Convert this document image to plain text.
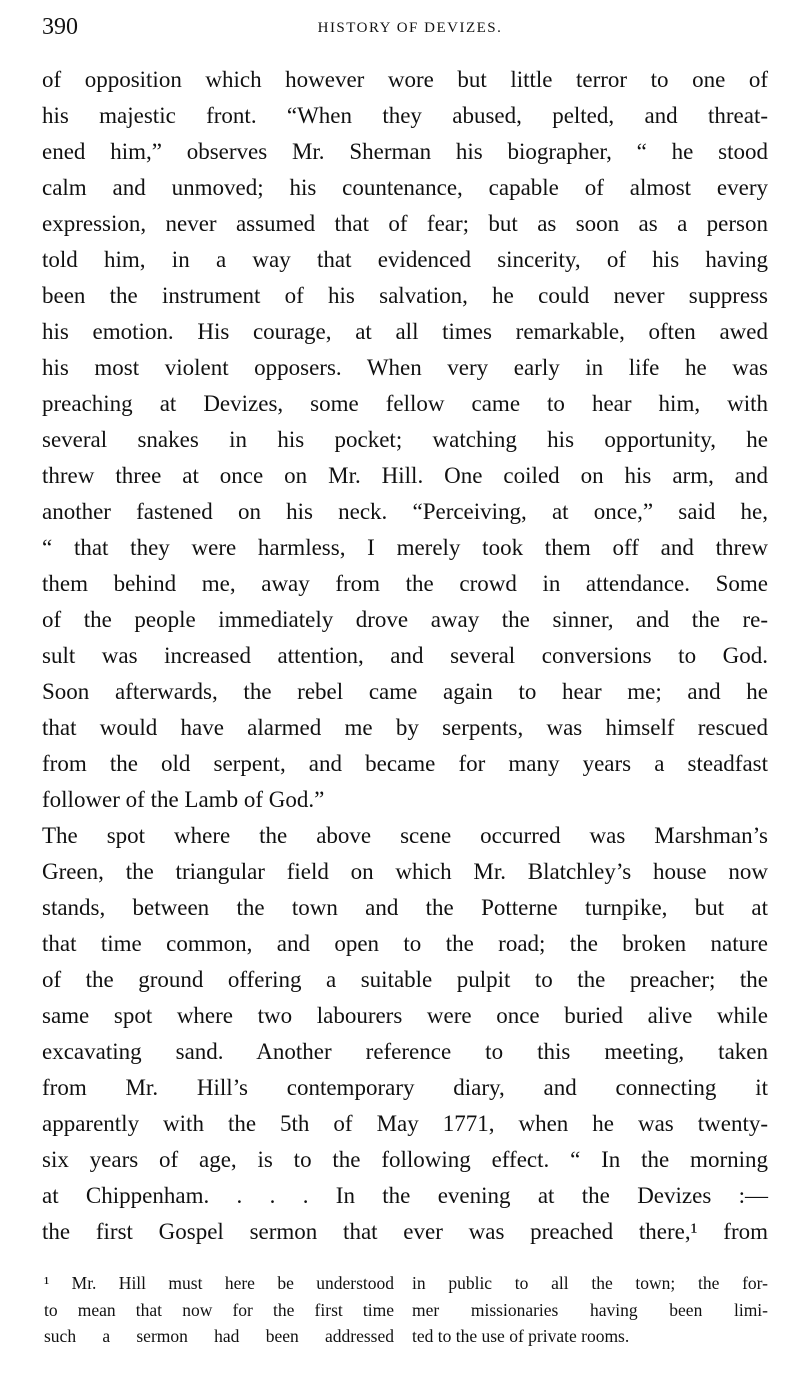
390	HISTORY OF DEVIZES.
of opposition which however wore but little terror to one of
his majestic front. “When they abused, pelted, and threat-
ened him,” observes Mr. Sherman his biographer, “ he stood
calm and unmoved; his countenance, capable of almost every
expression, never assumed that of fear; but as soon as a person
told him, in a way that evidenced sincerity, of his having
been the instrument of his salvation, he could never suppress
his emotion. His courage, at all times remarkable, often awed
his most violent opposers. When very early in life he was
preaching at Devizes, some fellow came to hear him, with
several snakes in his pocket; watching his opportunity, he
threw three at once on Mr. Hill. One coiled on his arm, and
another fastened on his neck. “Perceiving, at once,” said he,
“ that they were harmless, I merely took them off and threw
them behind me, away from the crowd in attendance. Some
of the people immediately drove away the sinner, and the re-
sult was increased attention, and several conversions to God.
Soon afterwards, the rebel came again to hear me; and he
that would have alarmed me by serpents, was himself rescued
from the old serpent, and became for many years a steadfast
follower of the Lamb of God.”
The spot where the above scene occurred was Marshman’s
Green, the triangular field on which Mr. Blatchley’s house now
stands, between the town and the Potterne turnpike, but at
that time common, and open to the road; the broken nature
of the ground offering a suitable pulpit to the preacher; the
same spot where two labourers were once buried alive while
excavating sand. Another reference to this meeting, taken
from Mr. Hill’s contemporary diary, and connecting it
apparently with the 5th of May 1771, when he was twenty-
six years of age, is to the following effect. “ In the morning
at Chippenham. . . . In the evening at the Devizes :—
the first Gospel sermon that ever was preached there,¹ from
¹ Mr. Hill must here be understood
to mean that now for the first time
such a sermon had been addressed
in public to all the town; the for-
mer missionaries having been limi-
ted to the use of private rooms.
